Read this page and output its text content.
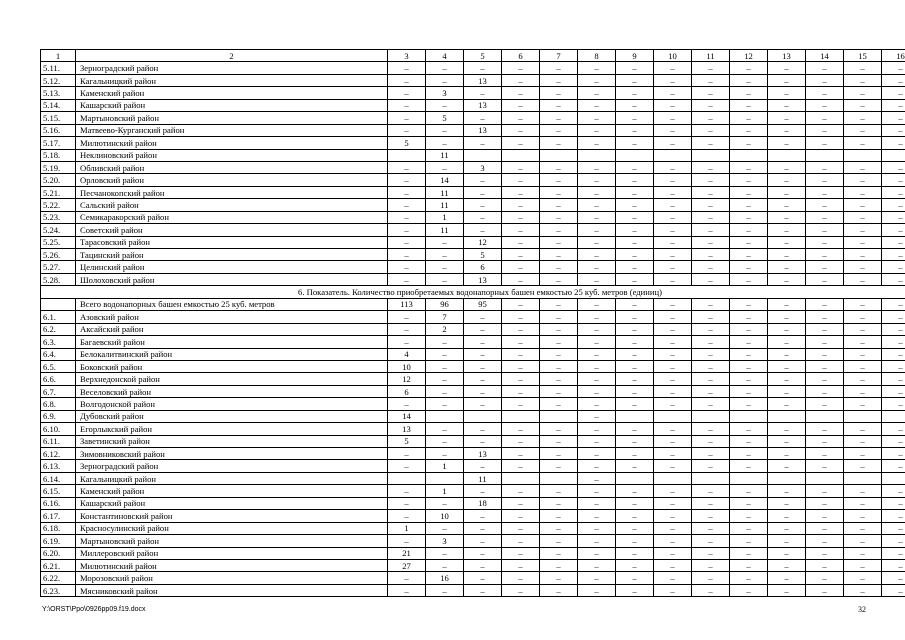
1	2	3	4	5	6	7	8	9	10	11	12	13	14	15	16
5.11.	Зерноградский район	–	–	–	–	–	–	–	–	–	–	–	–	–	–
5.12.	Кагальницкий район	–	–	13	–	–	–	–	–	–	–	–	–	–	–
5.13.	Каменский район	–	3	–	–	–	–	–	–	–	–	–	–	–	–
5.14.	Кашарский район	–	–	13	–	–	–	–	–	–	–	–	–	–	–
5.15.	Мартыновский район	–	5	–	–	–	–	–	–	–	–	–	–	–	–
5.16.	Матвеево-Курганский район	–	–	13	–	–	–	–	–	–	–	–	–	–	–
5.17.	Милютинский район	5	–	–	–	–	–	–	–	–	–	–	–	–	–
5.18.	Неклиновский район		11												
5.19.	Обливский район	–	–	3	–	–	–	–	–	–	–	–	–	–	–
5.20.	Орловский район	–	14	–	–	–	–	–	–	–	–	–	–	–	–
5.21.	Песчанокопский район	–	11	–	–	–	–	–	–	–	–	–	–	–	–
5.22.	Сальский район	–	11	–	–	–	–	–	–	–	–	–	–	–	–
5.23.	Семикаракорский район	–	1	–	–	–	–	–	–	–	–	–	–	–	–
5.24.	Советский район	–	11	–	–	–	–	–	–	–	–	–	–	–	–
5.25.	Тарасовский район	–	–	12	–	–	–	–	–	–	–	–	–	–	–
5.26.	Тацинский район	–	–	5	–	–	–	–	–	–	–	–	–	–	–
5.27.	Целинский район	–	–	6	–	–	–	–	–	–	–	–	–	–	–
5.28.	Шолоховский район	–	–	13	–	–	–	–	–	–	–	–	–	–	–
6. Показатель. Количество приобретаемых водонапорных башен емкостью 25 куб. метров (единиц)															
	Всего водонапорных башен емкостью 25 куб. метров	113	96	95	–	–	–	–	–	–	–	–	–	–	–
6.1.	Азовский район	–	7	–	–	–	–	–	–	–	–	–	–	–	–
6.2.	Аксайский район	–	2	–	–	–	–	–	–	–	–	–	–	–	–
6.3.	Багаевский район	–	–	–	–	–	–	–	–	–	–	–	–	–	–
6.4.	Белокалитвинский район	4	–	–	–	–	–	–	–	–	–	–	–	–	–
6.5.	Боковский район	10	–	–	–	–	–	–	–	–	–	–	–	–	–
6.6.	Верхнедонской район	12	–	–	–	–	–	–	–	–	–	–	–	–	–
6.7.	Веселовский район	6	–	–	–	–	–	–	–	–	–	–	–	–	–
6.8.	Волгодонской район	–	–	–	–	–	–	–	–	–	–	–	–	–	–
6.9.	Дубовский район	14					–								
6.10.	Егорлыкский район	13	–	–	–	–	–	–	–	–	–	–	–	–	–
6.11.	Заветинский район	5	–	–	–	–	–	–	–	–	–	–	–	–	–
6.12.	Зимовниковский район	–	–	13	–	–	–	–	–	–	–	–	–	–	–
6.13.	Зерноградский район	–	1	–	–	–	–	–	–	–	–	–	–	–	–
6.14.	Кагальницкий район			11			–								
6.15.	Каменский район	–	1	–	–	–	–	–	–	–	–	–	–	–	–
6.16.	Кашарский район	–	–	18	–	–	–	–	–	–	–	–	–	–	–
6.17.	Константиновский район	–	10	–	–	–	–	–	–	–	–	–	–	–	–
6.18.	Красносулинский район	1	–	–	–	–	–	–	–	–	–	–	–	–	–
6.19.	Мартыновский район	–	3	–	–	–	–	–	–	–	–	–	–	–	–
6.20.	Миллеровский район	21	–	–	–	–	–	–	–	–	–	–	–	–	–
6.21.	Милютинский район	27	–	–	–	–	–	–	–	–	–	–	–	–	–
6.22.	Морозовский район	–	16	–	–	–	–	–	–	–	–	–	–	–	–
6.23.	Мясниковский район	–	–	–	–	–	–	–	–	–	–	–	–	–	–
Y:\ORST\Ppo\0926pp09.f19.docx	32
